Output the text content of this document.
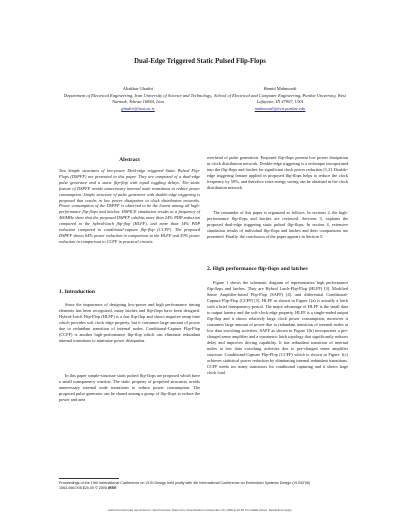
Dual-Edge Triggered Static Pulsed Flip-Flops
Aliakbar Ghadiri
Department of Electrical Engineering, Iran University of Science and Technology, Narmak, Tehran 16844, Iran
ghadiri@iust.ac.ir
Hamid Mahmoodi
School of Electrical and Computer Engineering, Purdue University, West Lafayette, IN 47907, USA
mahmoodi@ecn.purdue.edu
Abstract
Two Simple structures of low-power Dual-edge triggered Static Pulsed Flip-Flops (DSPFF) are presented in this paper. They are composed of a dual-edge pulse generator and a static flip-flop with equal toggling delays. The static feature of DSPFF avoids unnecessary internal node transitions to reduce power consumption. Simple structure of pulse generator with double-edge triggering is proposed that results in low power dissipation in clock distribution networks. Power consumption of the DSPFF is observed to be the lowest among all high-performance flip-flops and latches. HSPICE simulation results at a frequency of 400MHz show that the proposed DSPFF exhibits more than 24% PDP reduction compared to the hybrid-latch flip-flop (HLFF), and more than 14% PDP reduction compared to conditional-capture flip-flop (CCFF). The proposed DSPFF shows 64% power reduction in comparison to the HLFF and 59% power reduction in comparison to CCFF in practical circuits.
1. Introduction

Since the importance of designing low-power and high performance timing elements has been recognized, many latches and flip-flops have been designed. Hybrid-Latch Flip-Flop (HLFF) is a fast flip-flop and shows negative setup time which provides soft clock edge property, but it consumes large amount of power due to redundant transition of internal nodes. Conditional-Capture Flip-Flop (CCFF) is another high-performance flip-flop which can eliminate redundant internal transitions to minimize power dissipation.

In this paper simple-structure static pulsed flip-flops are proposed which have a small transparency window. The static property of proposed structures avoids unnecessary internal node transitions to reduce power consumption. The proposed pulse generator can be shared among a group of flip-flops to reduce the power and area

overhead of pulse generation. Proposed flip-flops present low power dissipation in clock distribution network. Double-edge triggering is a technique incorporated into the flip-flops and latches for significant clock power reduction [1,2]. Double-edge triggering feature applied in proposed flip-flops helps to reduce the clock frequency by 50%, and therefore extra energy saving can be obtained in the clock distribution network.

The remainder of this paper is organized as follows. In sections 2, the high-performance flip-flops and latches are reviewed. Sections 3, explains the proposed dual-edge triggering static pulsed flip-flops. In section 4, extensive simulation results of individual flip-flops and latches and their comparisons are presented. Finally, the conclusion of the paper appears in Section 5.

2. High performance flip-flops and latches

Figure 1 shows the schematic diagram of representative high performance flip-flops and latches. They are Hybrid Latch-Flip-Flop (HLFF) [3], Modified Sense Amplifier-based Flip-Flop (SAFF) [4], and differential Conditional-Capture Flip-Flop (CCFF) [5]. HLFF as shown in Figure 1(a) is actually a latch with a brief transparency period. The major advantage of HLFF is the small data to output latency and the soft-clock edge property. HLFF is a single-ended output flip-flop and it shows relatively large clock power consumption, moreover it consumes large amount of power due to redundant transition of internal nodes at low data switching activities. SAFF as shown in Figure 1(b) incorporates a pre-charged sense amplifier and a symmetric latch topology that significantly reduces delay and improves driving capability. It has redundant transition of internal nodes at low data switching activities due to pre-charged sense amplifier structure. Conditional-Capture Flip-Flop (CCFF) which is shown in Figure 1(c) achieves statistical power reduction by eliminating internal redundant transitions. CCFF needs too many transistors for conditional capturing and it shows large clock load.

Proceedings of the 19th International Conference on VLSI Design held jointly with 4th International Conference on Embedded Systems Design (VLSID'06)
1063-9667/05 $20.00 © 2005 IEEE
Authorized licensed use limited to: San Francisco State Univ. Downloaded on December 15, 2008 at 20:39 from IEEE Xplore. Restrictions apply.
